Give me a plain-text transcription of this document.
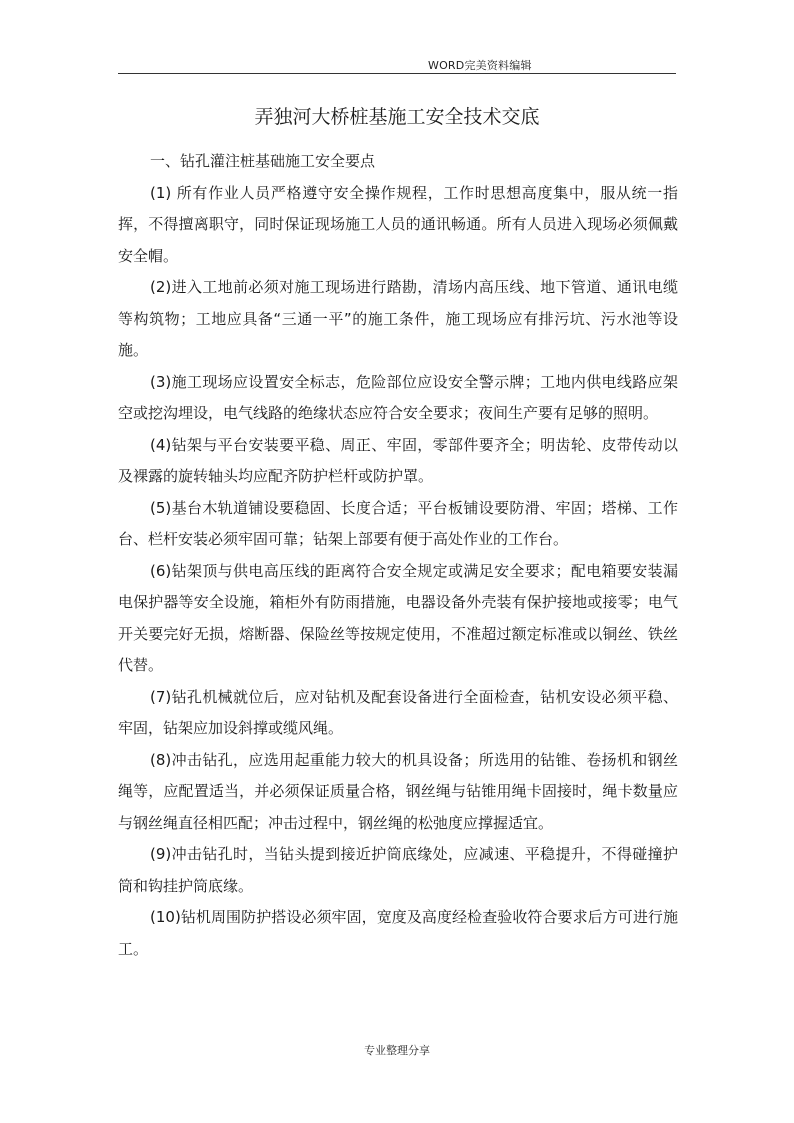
WORD完美资料编辑
弄独河大桥桩基施工安全技术交底

一、钻孔灌注桩基础施工安全要点

(1) 所有作业人员严格遵守安全操作规程，工作时思想高度集中，服从统一指挥，不得擅离职守，同时保证现场施工人员的通讯畅通。所有人员进入现场必须佩戴安全帽。

(2)进入工地前必须对施工现场进行踏勘，清场内高压线、地下管道、通讯电缆等构筑物；工地应具备“三通一平”的施工条件，施工现场应有排污坑、污水池等设施。

(3)施工现场应设置安全标志，危险部位应设安全警示牌；工地内供电线路应架空或挖沟埋设，电气线路的绝缘状态应符合安全要求；夜间生产要有足够的照明。

(4)钻架与平台安装要平稳、周正、牢固，零部件要齐全；明齿轮、皮带传动以及裸露的旋转轴头均应配齐防护栏杆或防护罩。

(5)基台木轨道铺设要稳固、长度合适；平台板铺设要防滑、牢固；塔梯、工作台、栏杆安装必须牢固可靠；钻架上部要有便于高处作业的工作台。

(6)钻架顶与供电高压线的距离符合安全规定或满足安全要求；配电箱要安装漏电保护器等安全设施，箱柜外有防雨措施，电器设备外壳装有保护接地或接零；电气开关要完好无损，熔断器、保险丝等按规定使用，不准超过额定标准或以铜丝、铁丝代替。

(7)钻孔机械就位后，应对钻机及配套设备进行全面检查，钻机安设必须平稳、牢固，钻架应加设斜撑或缆风绳。

(8)冲击钻孔，应选用起重能力较大的机具设备；所选用的钻锥、卷扬机和钢丝绳等，应配置适当，并必须保证质量合格，钢丝绳与钻锥用绳卡固接时，绳卡数量应与钢丝绳直径相匹配；冲击过程中，钢丝绳的松弛度应撑握适宜。

(9)冲击钻孔时，当钻头提到接近护筒底缘处，应减速、平稳提升，不得碰撞护筒和钩挂护筒底缘。

(10)钻机周围防护搭设必须牢固，宽度及高度经检查验收符合要求后方可进行施工。

专业整理分享
